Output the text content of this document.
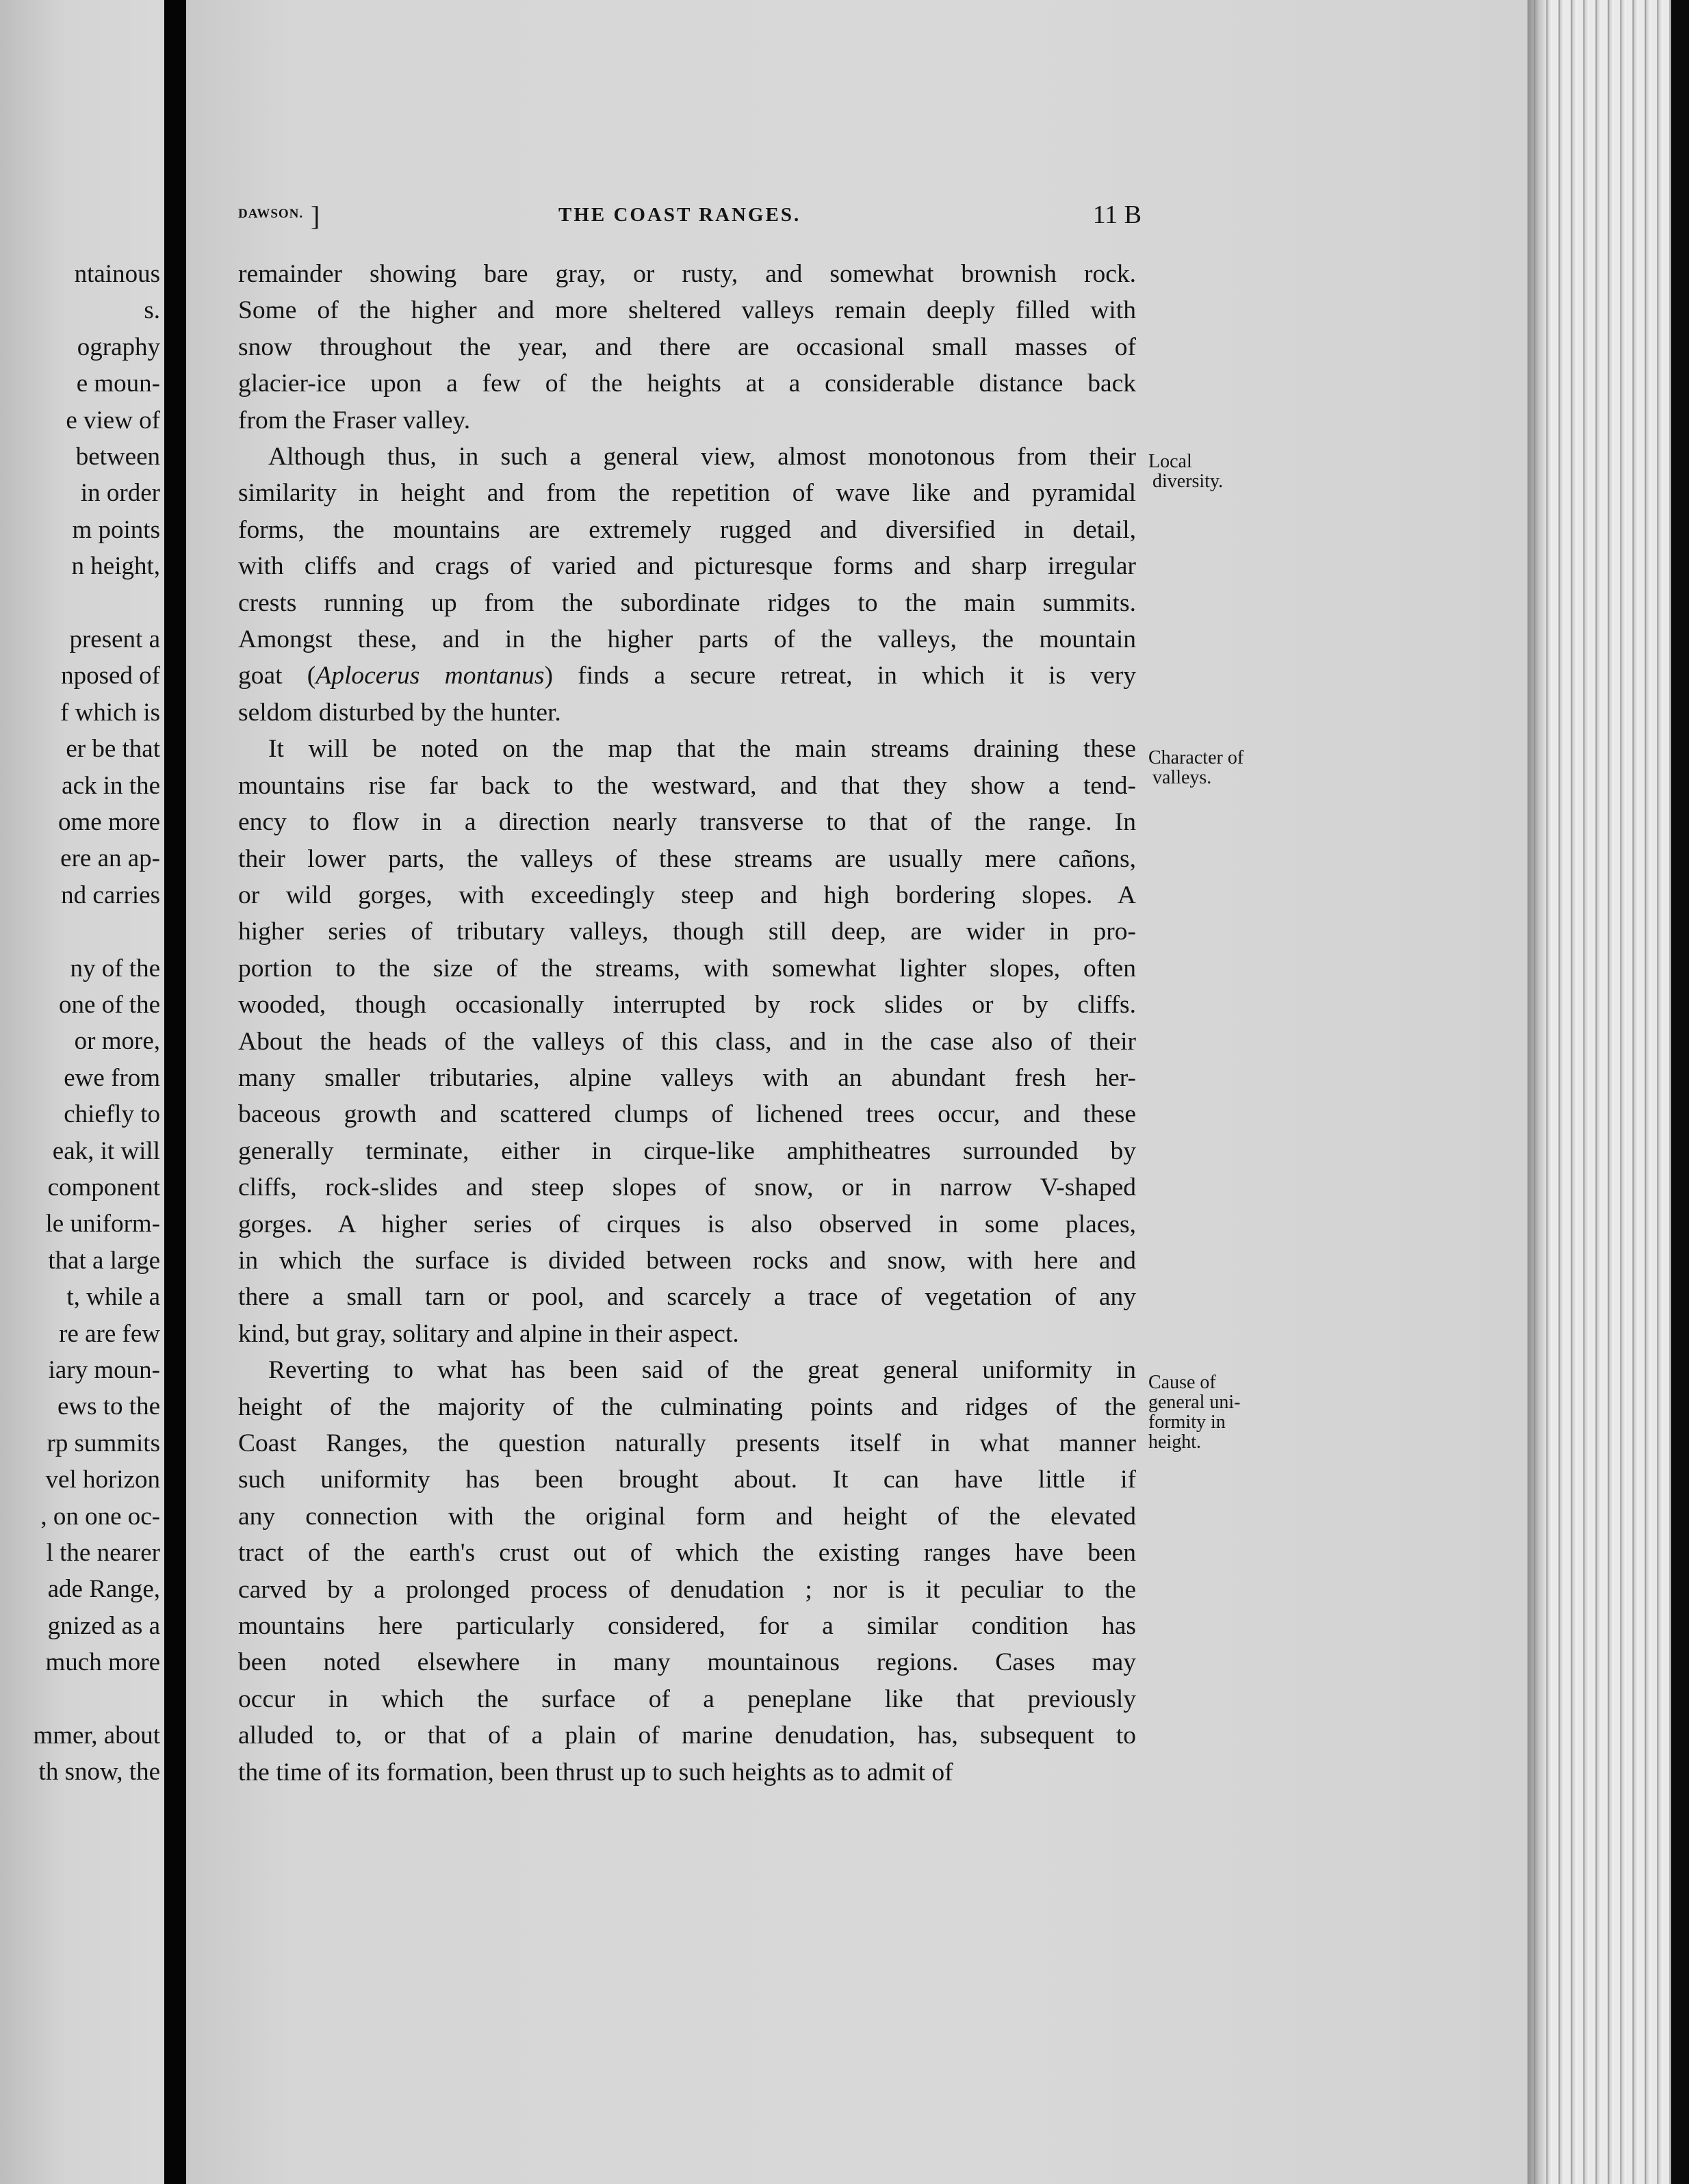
ntainous
s.
ography
e moun-
e view of
between
in order
m points
n height,
present a
nposed of
f which is
er be that
ack in the
ome more
ere an ap-
nd carries
ny of the
one of the
or more,
ewe from
chiefly to
eak, it will
component
le uniform-
that a large
t, while a
re are few
iary moun-
ews to the
rp summits
vel horizon
, on one oc-
l the nearer
ade Range,
gnized as a
much more
mmer, about
th snow, the
DAWSON. ]	THE COAST RANGES.	11 B
remainder showing bare gray, or rusty, and somewhat brownish rock.
Some of the higher and more sheltered valleys remain deeply filled with
snow throughout the year, and there are occasional small masses of
glacier-ice upon a few of the heights at a considerable distance back
from the Fraser valley.
Although thus, in such a general view, almost monotonous from their
similarity in height and from the repetition of wave like and pyramidal
forms, the mountains are extremely rugged and diversified in detail,
with cliffs and crags of varied and picturesque forms and sharp irregular
crests running up from the subordinate ridges to the main summits.
Amongst these, and in the higher parts of the valleys, the mountain
goat (Aplocerus montanus) finds a secure retreat, in which it is very
seldom disturbed by the hunter.
It will be noted on the map that the main streams draining these
mountains rise far back to the westward, and that they show a tend-
ency to flow in a direction nearly transverse to that of the range. In
their lower parts, the valleys of these streams are usually mere cañons,
or wild gorges, with exceedingly steep and high bordering slopes. A
higher series of tributary valleys, though still deep, are wider in pro-
portion to the size of the streams, with somewhat lighter slopes, often
wooded, though occasionally interrupted by rock slides or by cliffs.
About the heads of the valleys of this class, and in the case also of their
many smaller tributaries, alpine valleys with an abundant fresh her-
baceous growth and scattered clumps of lichened trees occur, and these
generally terminate, either in cirque-like amphitheatres surrounded by
cliffs, rock-slides and steep slopes of snow, or in narrow V-shaped
gorges. A higher series of cirques is also observed in some places,
in which the surface is divided between rocks and snow, with here and
there a small tarn or pool, and scarcely a trace of vegetation of any
kind, but gray, solitary and alpine in their aspect.
Reverting to what has been said of the great general uniformity in
height of the majority of the culminating points and ridges of the
Coast Ranges, the question naturally presents itself in what manner
such uniformity has been brought about. It can have little if
any connection with the original form and height of the elevated
tract of the earth's crust out of which the existing ranges have been
carved by a prolonged process of denudation ; nor is it peculiar to the
mountains here particularly considered, for a similar condition has
been noted elsewhere in many mountainous regions. Cases may
occur in which the surface of a peneplane like that previously
alluded to, or that of a plain of marine denudation, has, subsequent to
the time of its formation, been thrust up to such heights as to admit of
Local
diversity.
Character of
valleys.
Cause of
general uni-
formity in
height.
